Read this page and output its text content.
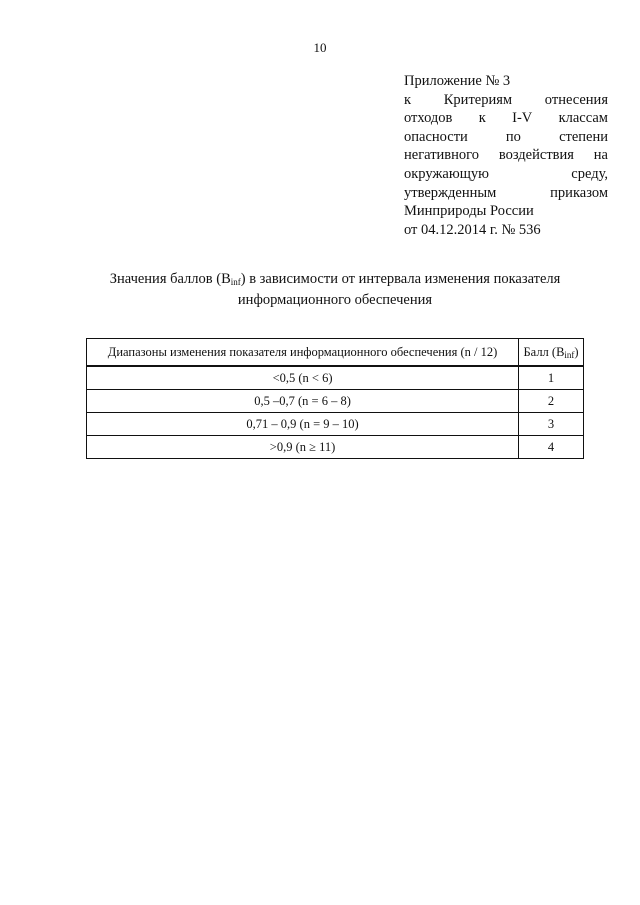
10
Приложение № 3
к Критериям отнесения
отходов к I-V классам
опасности	по	степени
негативного воздействия на
окружающую	среду,
утвержденным	приказом
Минприроды России
от 04.12.2014 г. № 536
Значения баллов $(B_{inf})$ в зависимости от интервала изменения показателя
информационного обеспечения
Диапазоны изменения показателя информационного обеспечения (n / 12)	Балл $(B_{inf})$
<0,5 (n < 6)	1
0,5 –0,7 (n = 6 – 8)	2
0,71 – 0,9 (n = 9 – 10)	3
>0,9 (n ≥ 11)	4
